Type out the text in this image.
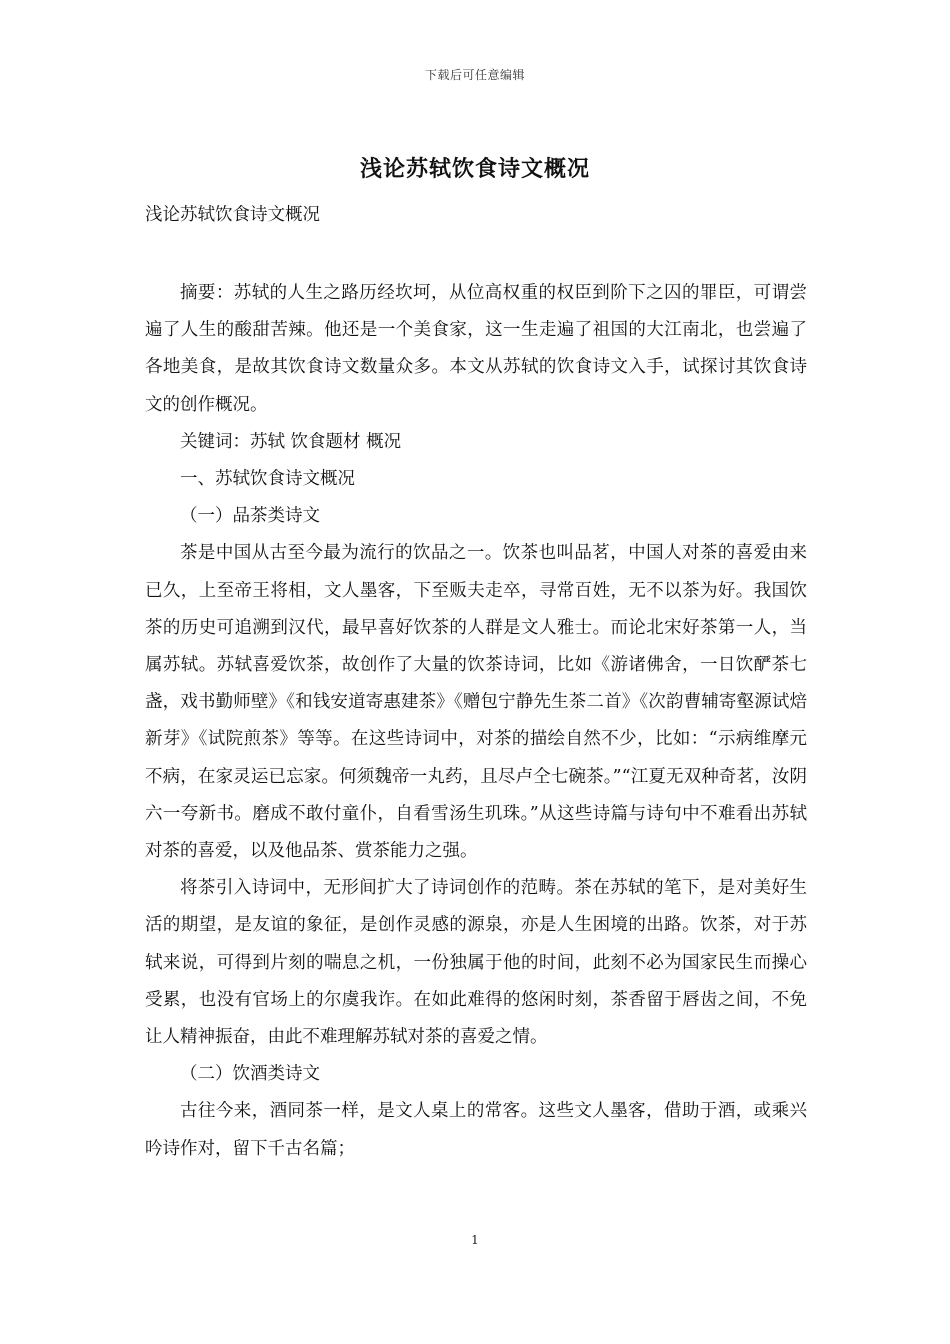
下载后可任意编辑
浅论苏轼饮食诗文概况
浅论苏轼饮食诗文概况

摘要：苏轼的人生之路历经坎坷，从位高权重的权臣到阶下之囚的罪臣，可谓尝遍了人生的酸甜苦辣。他还是一个美食家，这一生走遍了祖国的大江南北，也尝遍了各地美食，是故其饮食诗文数量众多。本文从苏轼的饮食诗文入手，试探讨其饮食诗文的创作概况。

关键词：苏轼 饮食题材 概况

一、苏轼饮食诗文概况

（一）品茶类诗文

茶是中国从古至今最为流行的饮品之一。饮茶也叫品茗，中国人对茶的喜爱由来已久，上至帝王将相，文人墨客，下至贩夫走卒，寻常百姓，无不以茶为好。我国饮茶的历史可追溯到汉代，最早喜好饮茶的人群是文人雅士。而论北宋好茶第一人，当属苏轼。苏轼喜爱饮茶，故创作了大量的饮茶诗词，比如《游诸佛舍，一日饮酽茶七盏，戏书勤师壁》《和钱安道寄惠建茶》《赠包宁静先生茶二首》《次韵曹辅寄壑源试焙新芽》《试院煎茶》等等。在这些诗词中，对茶的描绘自然不少，比如：“示病维摩元不病，在家灵运已忘家。何须魏帝一丸药，且尽卢仝七碗茶。”“江夏无双种奇茗，汝阴六一夸新书。磨成不敢付童仆，自看雪汤生玑珠。”从这些诗篇与诗句中不难看出苏轼对茶的喜爱，以及他品茶、赏茶能力之强。

将茶引入诗词中，无形间扩大了诗词创作的范畴。茶在苏轼的笔下，是对美好生活的期望，是友谊的象征，是创作灵感的源泉，亦是人生困境的出路。饮茶，对于苏轼来说，可得到片刻的喘息之机，一份独属于他的时间，此刻不必为国家民生而操心受累，也没有官场上的尔虞我诈。在如此难得的悠闲时刻，茶香留于唇齿之间，不免让人精神振奋，由此不难理解苏轼对茶的喜爱之情。

（二）饮酒类诗文

古往今来，酒同茶一样，是文人桌上的常客。这些文人墨客，借助于酒，或乘兴吟诗作对，留下千古名篇；

1
